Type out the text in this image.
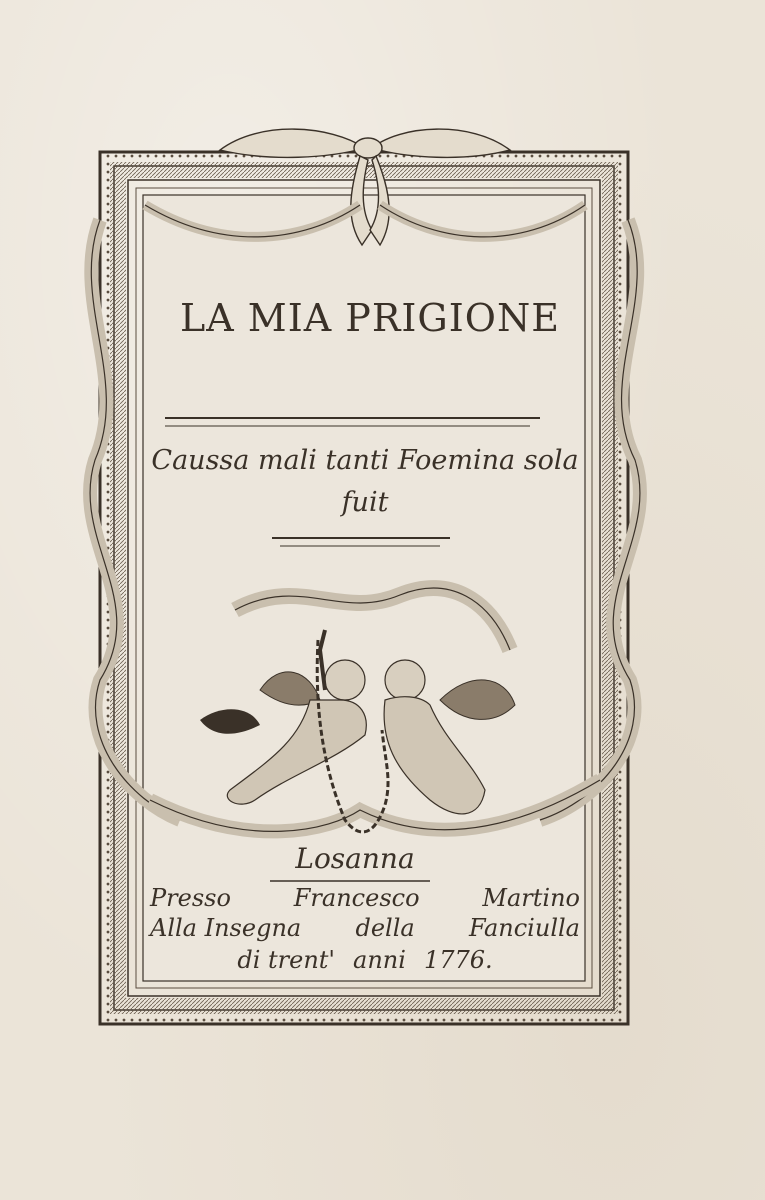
LA MIA PRIGIONE
Caussa mali tanti Foemina sola
fuit
Losanna
Presso	Francesco	Martino
Alla Insegna della Fanciulla
di trent' anni 1776.
